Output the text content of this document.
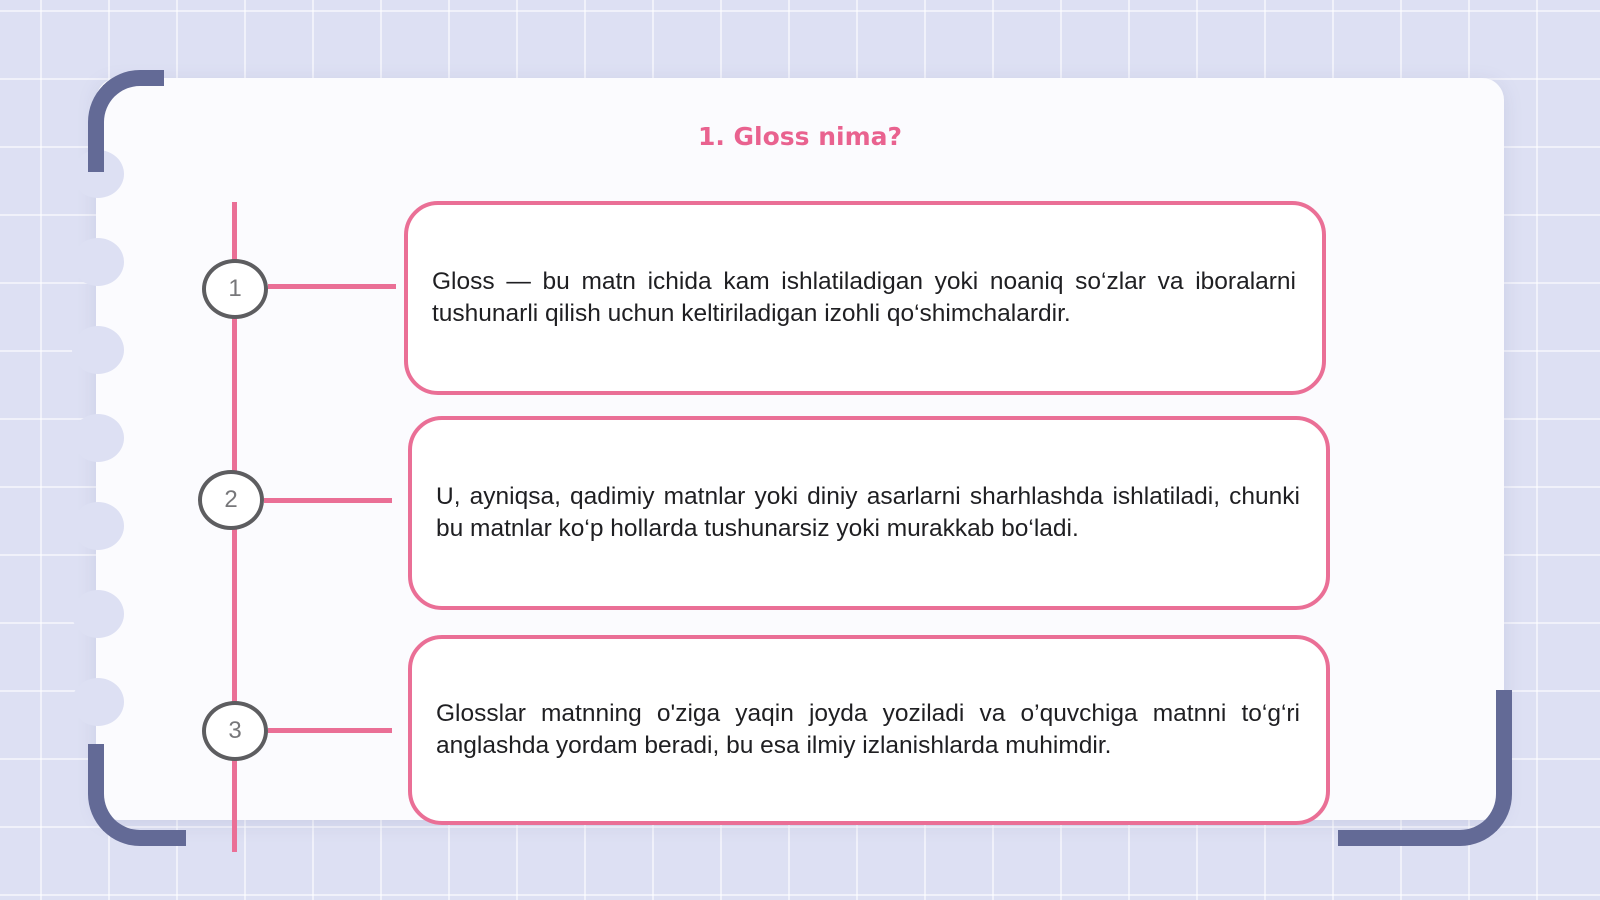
1. Gloss nima?
1	Gloss — bu matn ichida kam ishlatiladigan yoki noaniq so‘zlar va iboralarni tushunarli qilish uchun keltiriladigan izohli qo‘shimchalardir.

2	U, ayniqsa, qadimiy matnlar yoki diniy asarlarni sharhlashda ishlatiladi, chunki bu matnlar ko‘p hollarda tushunarsiz yoki murakkab bo‘ladi.

3

Glosslar matnning o'ziga yaqin joyda yoziladi va o’quvchiga matnni to‘g‘ri anglashda yordam beradi, bu esa ilmiy izlanishlarda muhimdir.
